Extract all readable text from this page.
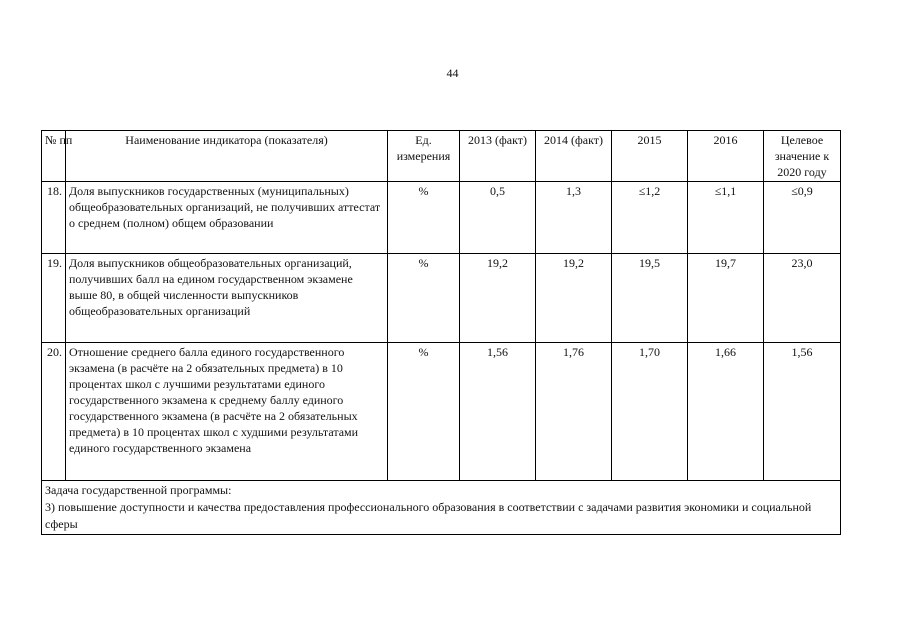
44
№ пп	Наименование индикатора (показателя)	Ед. измерения	2013 (факт)	2014 (факт)	2015	2016	Целевое значение к 2020 году
18.	Доля выпускников государственных (муниципальных) общеобразовательных организаций, не получивших аттестат о среднем (полном) общем образовании	%	0,5	1,3	≤1,2	≤1,1	≤0,9
19.	Доля выпускников общеобразовательных организаций, получивших балл на едином государственном экзамене выше 80, в общей численности выпускников общеобразовательных организаций	%	19,2	19,2	19,5	19,7	23,0
20.	Отношение среднего балла единого государственного экзамена (в расчёте на 2 обязательных предмета) в 10 процентах школ с лучшими результатами единого государственного экзамена к среднему баллу единого государственного экзамена (в расчёте на 2 обязательных предмета) в 10 процентах школ с худшими результатами единого государственного экзамена	%	1,56	1,76	1,70	1,66	1,56

Задача государственной программы:
3) повышение доступности и качества предоставления профессионального образования в соответствии с задачами развития экономики и социальной сферы							
